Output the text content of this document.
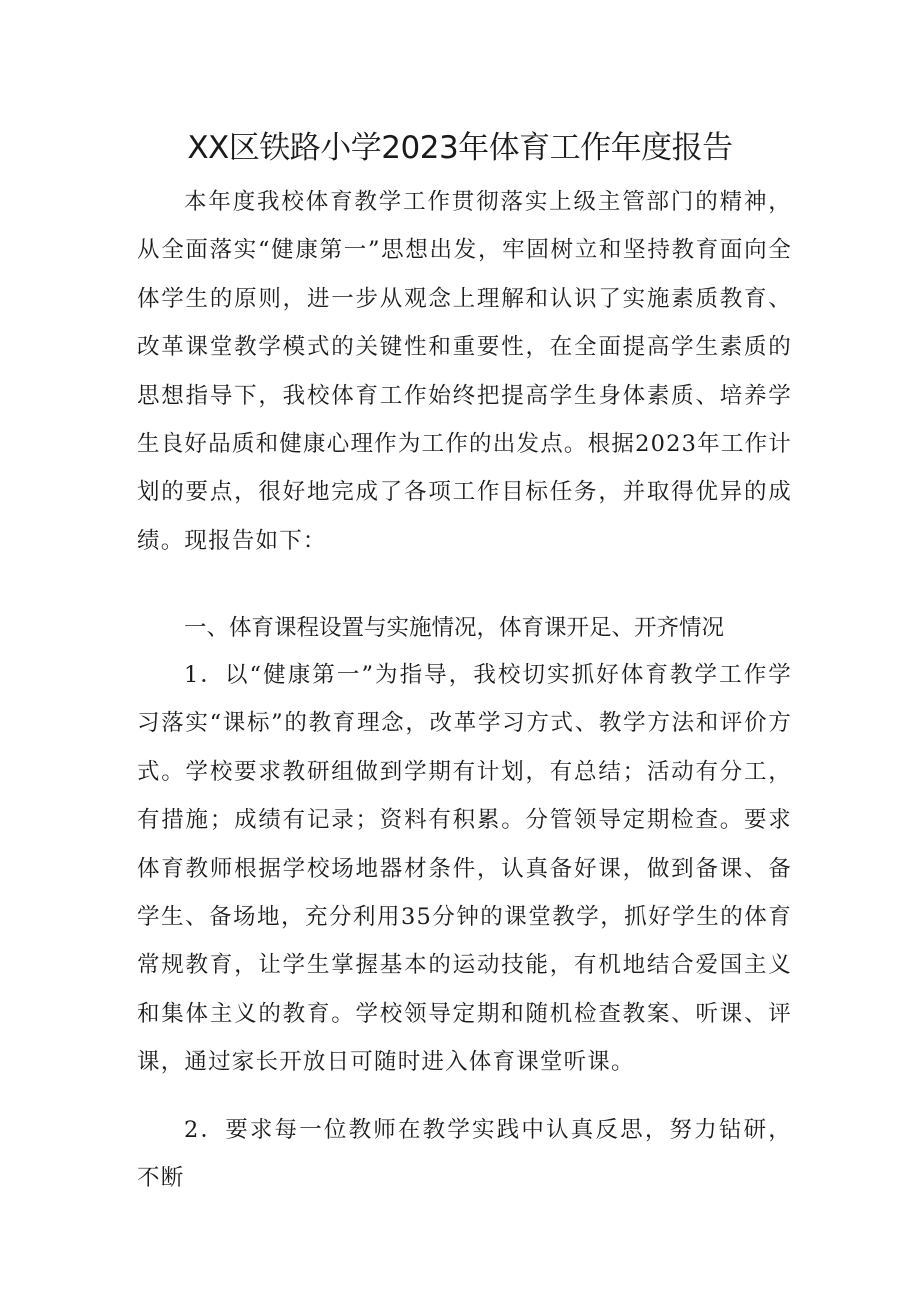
XX区铁路小学2023年体育工作年度报告

本年度我校体育教学工作贯彻落实上级主管部门的精神，从全面落实“健康第一”思想出发，牢固树立和坚持教育面向全体学生的原则，进一步从观念上理解和认识了实施素质教育、改革课堂教学模式的关键性和重要性，在全面提高学生素质的思想指导下，我校体育工作始终把提高学生身体素质、培养学生良好品质和健康心理作为工作的出发点。根据2023年工作计划的要点，很好地完成了各项工作目标任务，并取得优异的成绩。现报告如下：

一、体育课程设置与实施情况，体育课开足、开齐情况

1．以“健康第一”为指导，我校切实抓好体育教学工作学习落实“课标”的教育理念，改革学习方式、教学方法和评价方式。学校要求教研组做到学期有计划，有总结；活动有分工，有措施；成绩有记录；资料有积累。分管领导定期检查。要求体育教师根据学校场地器材条件，认真备好课，做到备课、备学生、备场地，充分利用35分钟的课堂教学，抓好学生的体育常规教育，让学生掌握基本的运动技能，有机地结合爱国主义和集体主义的教育。学校领导定期和随机检查教案、听课、评课，通过家长开放日可随时进入体育课堂听课。

2．要求每一位教师在教学实践中认真反思，努力钻研，不断
